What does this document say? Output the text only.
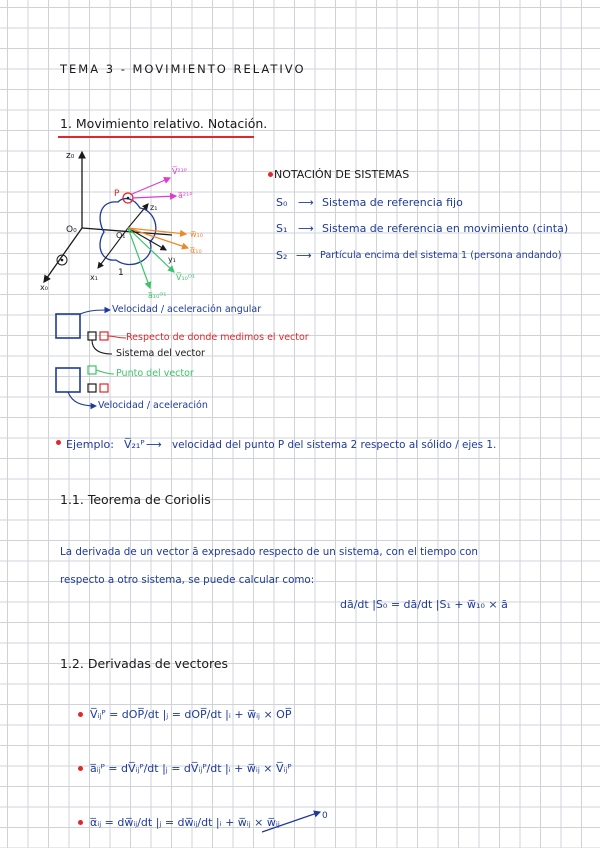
TEMA 3 - MOVIMIENTO RELATIVO
1. Movimiento relativo. Notación.
z₀
x₀
O₀
z₁
y₁
x₁
O₁
1
P
V̅²¹ᴾ
a̅²¹ᴾ
w̅₁₀
α̅₁₀
V̅₁₀ᴼ¹
a̅₁₀ᴼ¹
NOTACIÓN DE SISTEMAS
S₀ ⟶ Sistema de referencia fijo
S₁ ⟶ Sistema de referencia en movimiento (cinta)
S₂ ⟶ Partícula encima del sistema 1 (persona andando)
Velocidad / aceleración angular
Respecto de donde medimos el vector
Sistema del vector
Punto del vector
Velocidad / aceleración
Ejemplo: V̅₂₁ᴾ ⟶ velocidad del punto P del sistema 2 respecto al sólido / ejes 1.
1.1. Teorema de Coriolis
La derivada de un vector ā expresado respecto de un sistema, con el tiempo con
respecto a otro sistema, se puede calcular como:
dā/dt |S₀ = dā/dt |S₁ + w̅₁₀ × ā
1.2. Derivadas de vectores
V̅ᵢⱼᴾ = dOP̅/dt |ⱼ = dOP̅/dt |ᵢ + w̅ᵢⱼ × OP̅
a̅ᵢⱼᴾ = dV̅ᵢⱼᴾ/dt |ⱼ = dV̅ᵢⱼᴾ/dt |ᵢ + w̅ᵢⱼ × V̅ᵢⱼᴾ
α̅ᵢⱼ = dw̅ᵢⱼ/dt |ⱼ = dw̅ᵢⱼ/dt |ᵢ + w̅ᵢⱼ × w̅ᵢⱼ	0
